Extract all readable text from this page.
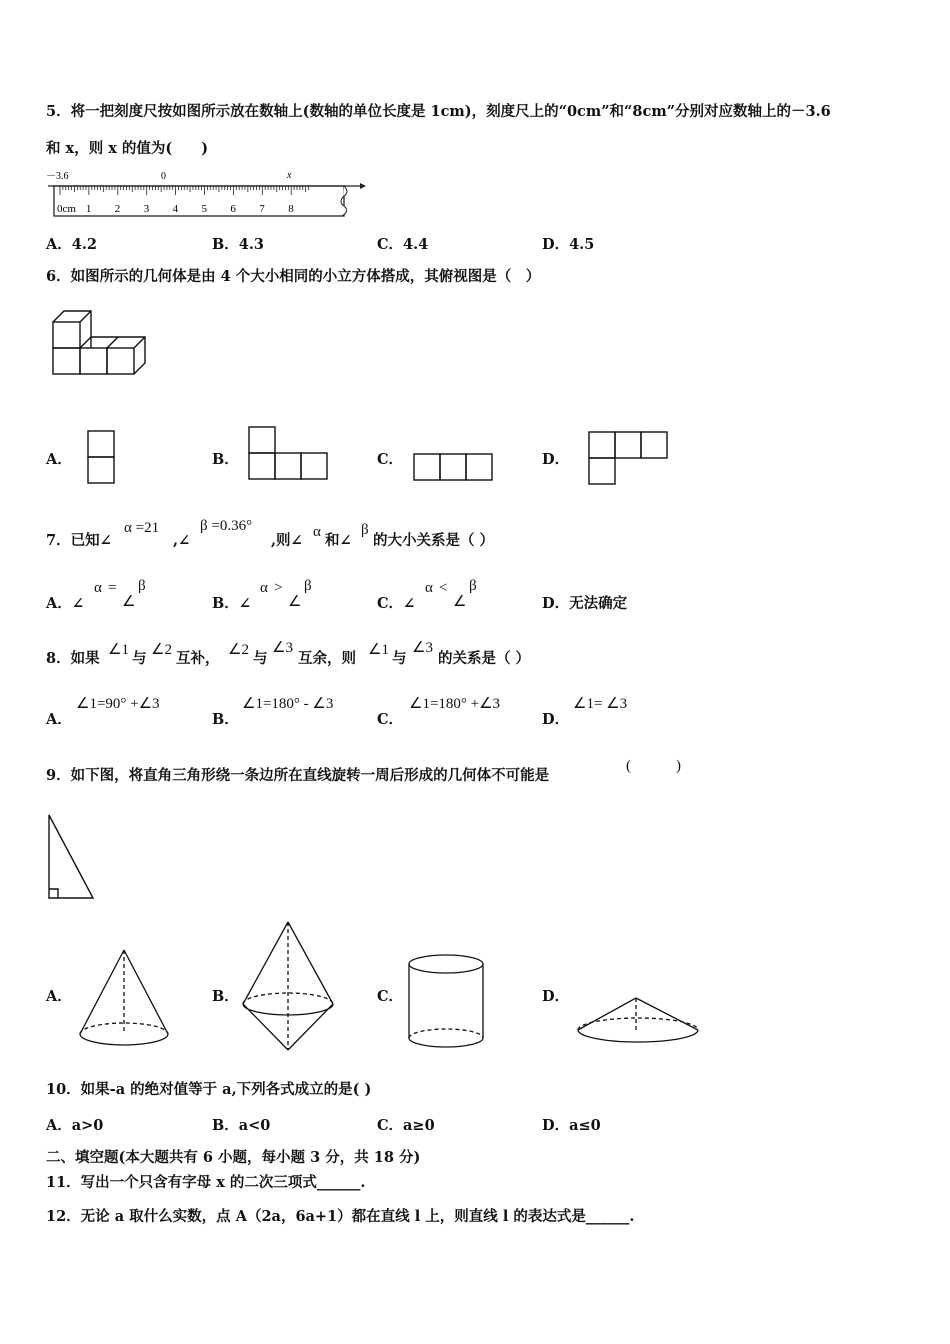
5．将一把刻度尺按如图所示放在数轴上(数轴的单位长度是 1cm)，刻度尺上的“0cm”和“8cm”分别对应数轴上的－3.6
和 x，则 x 的值为(　　)
－3.6	0	x
0cm 1 2 3 4 5 6 7 8
A．4.2	B．4.3	C．4.4	D．4.5
6．如图所示的几何体是由 4 个大小相同的小立方体搭成，其俯视图是（　）
A．	B．	C．	D．
7．已知∠
α =21
,∠
β =0.36°
,则∠ α 和∠
β
的大小关系是（ ）
A．∠
α =
∠
β
B．∠
α >
∠
β
C．∠
α <
∠
β
D．无法确定
8．如果 ∠1 与 ∠2 互补， ∠2 与
∠3
互余，则 ∠1 与
∠3
的关系是（ ）
A．
∠1=90° +∠3
B．
∠1=180° - ∠3
C．
∠1=180° +∠3
D．
∠1= ∠3
9．如下图，将直角三角形绕一条边所在直线旋转一周后形成的几何体不可能是
(　　　)
A．	B．	C．	D．
10．如果-a 的绝对值等于 a,下列各式成立的是( )
A．a>0	B．a<0	C．a≥0	D．a≤0
二、填空题(本大题共有 6 小题，每小题 3 分，共 18 分)
11．写出一个只含有字母 x 的二次三项式______.
12．无论 a 取什么实数，点 A（2a，6a+1）都在直线 l 上，则直线 l 的表达式是______.
